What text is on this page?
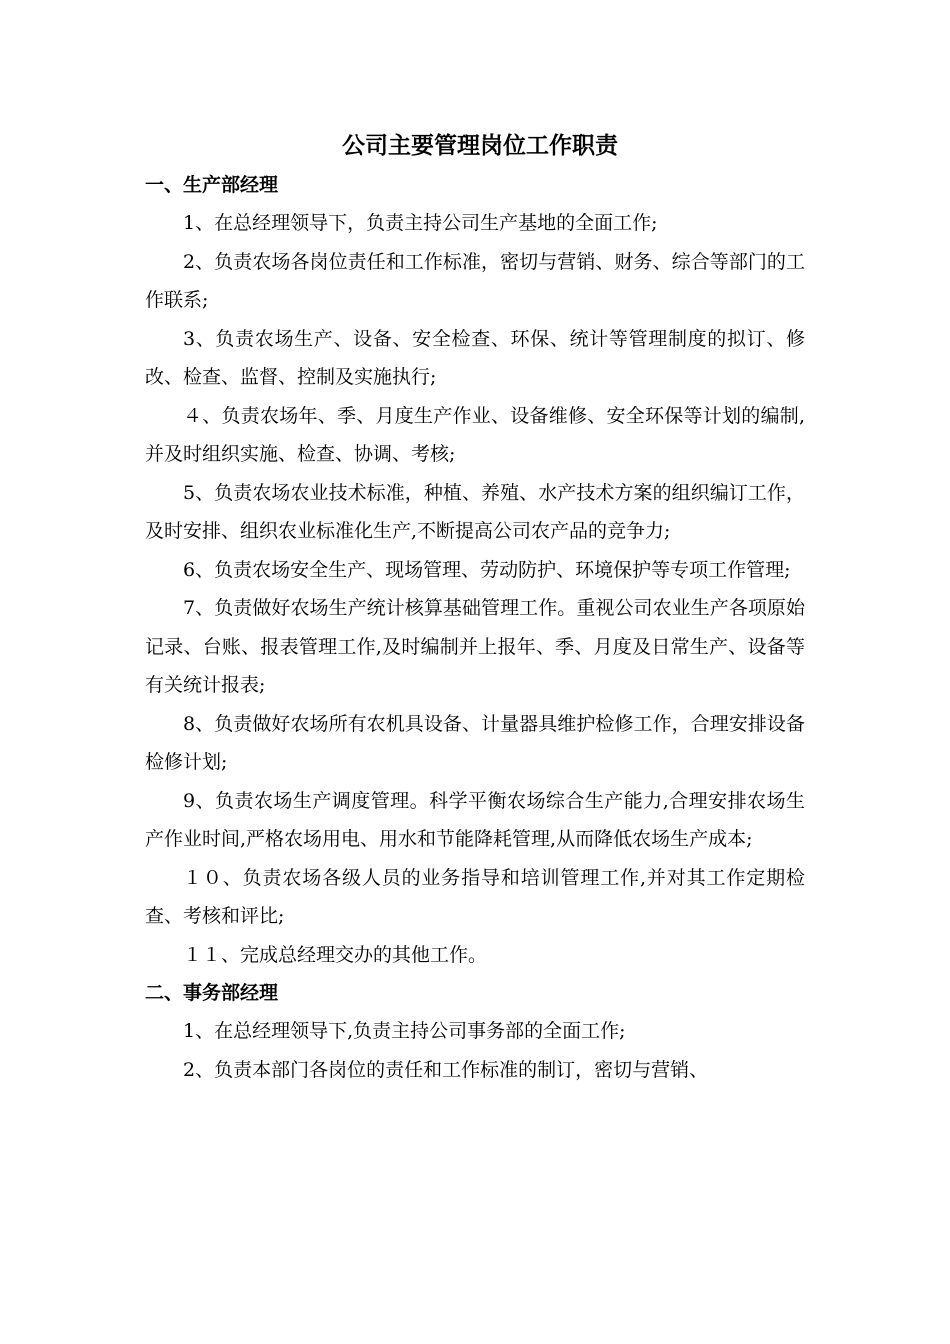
公司主要管理岗位工作职责
一、生产部经理

1、在总经理领导下，负责主持公司生产基地的全面工作;

2、负责农场各岗位责任和工作标准，密切与营销、财务、综合等部门的工作联系;

3、负责农场生产、设备、安全检查、环保、统计等管理制度的拟订、修改、检查、监督、控制及实施执行;

４、负责农场年、季、月度生产作业、设备维修、安全环保等计划的编制,并及时组织实施、检查、协调、考核;

5、负责农场农业技术标准，种植、养殖、水产技术方案的组织编订工作，及时安排、组织农业标准化生产,不断提高公司农产品的竞争力;

6、负责农场安全生产、现场管理、劳动防护、环境保护等专项工作管理;

7、负责做好农场生产统计核算基础管理工作。重视公司农业生产各项原始记录、台账、报表管理工作,及时编制并上报年、季、月度及日常生产、设备等有关统计报表;

8、负责做好农场所有农机具设备、计量器具维护检修工作，合理安排设备检修计划;

9、负责农场生产调度管理。科学平衡农场综合生产能力,合理安排农场生产作业时间,严格农场用电、用水和节能降耗管理,从而降低农场生产成本;

１０、负责农场各级人员的业务指导和培训管理工作,并对其工作定期检查、考核和评比;

１１、完成总经理交办的其他工作。

二、事务部经理

1、在总经理领导下,负责主持公司事务部的全面工作;

2、负责本部门各岗位的责任和工作标准的制订，密切与营销、
